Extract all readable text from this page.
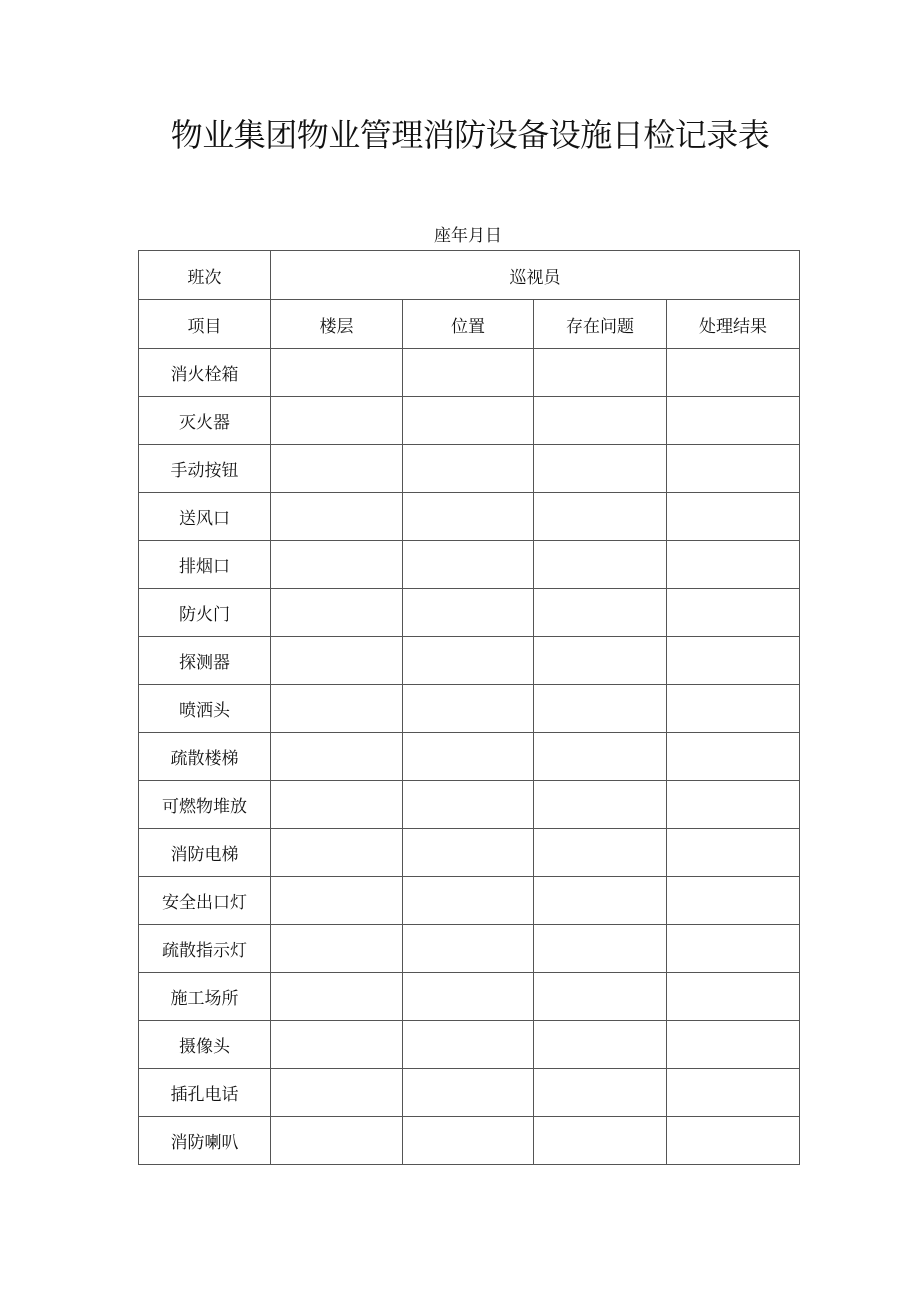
物业集团物业管理消防设备设施日检记录表
座年月日
班次	巡视员			
项目	楼层	位置	存在问题	处理结果
消火栓箱				
灭火器				
手动按钮				
送风口				
排烟口				
防火门				
探测器				
喷洒头				
疏散楼梯				
可燃物堆放				
消防电梯				
安全出口灯				
疏散指示灯				
施工场所				
摄像头				
插孔电话				
消防喇叭				
